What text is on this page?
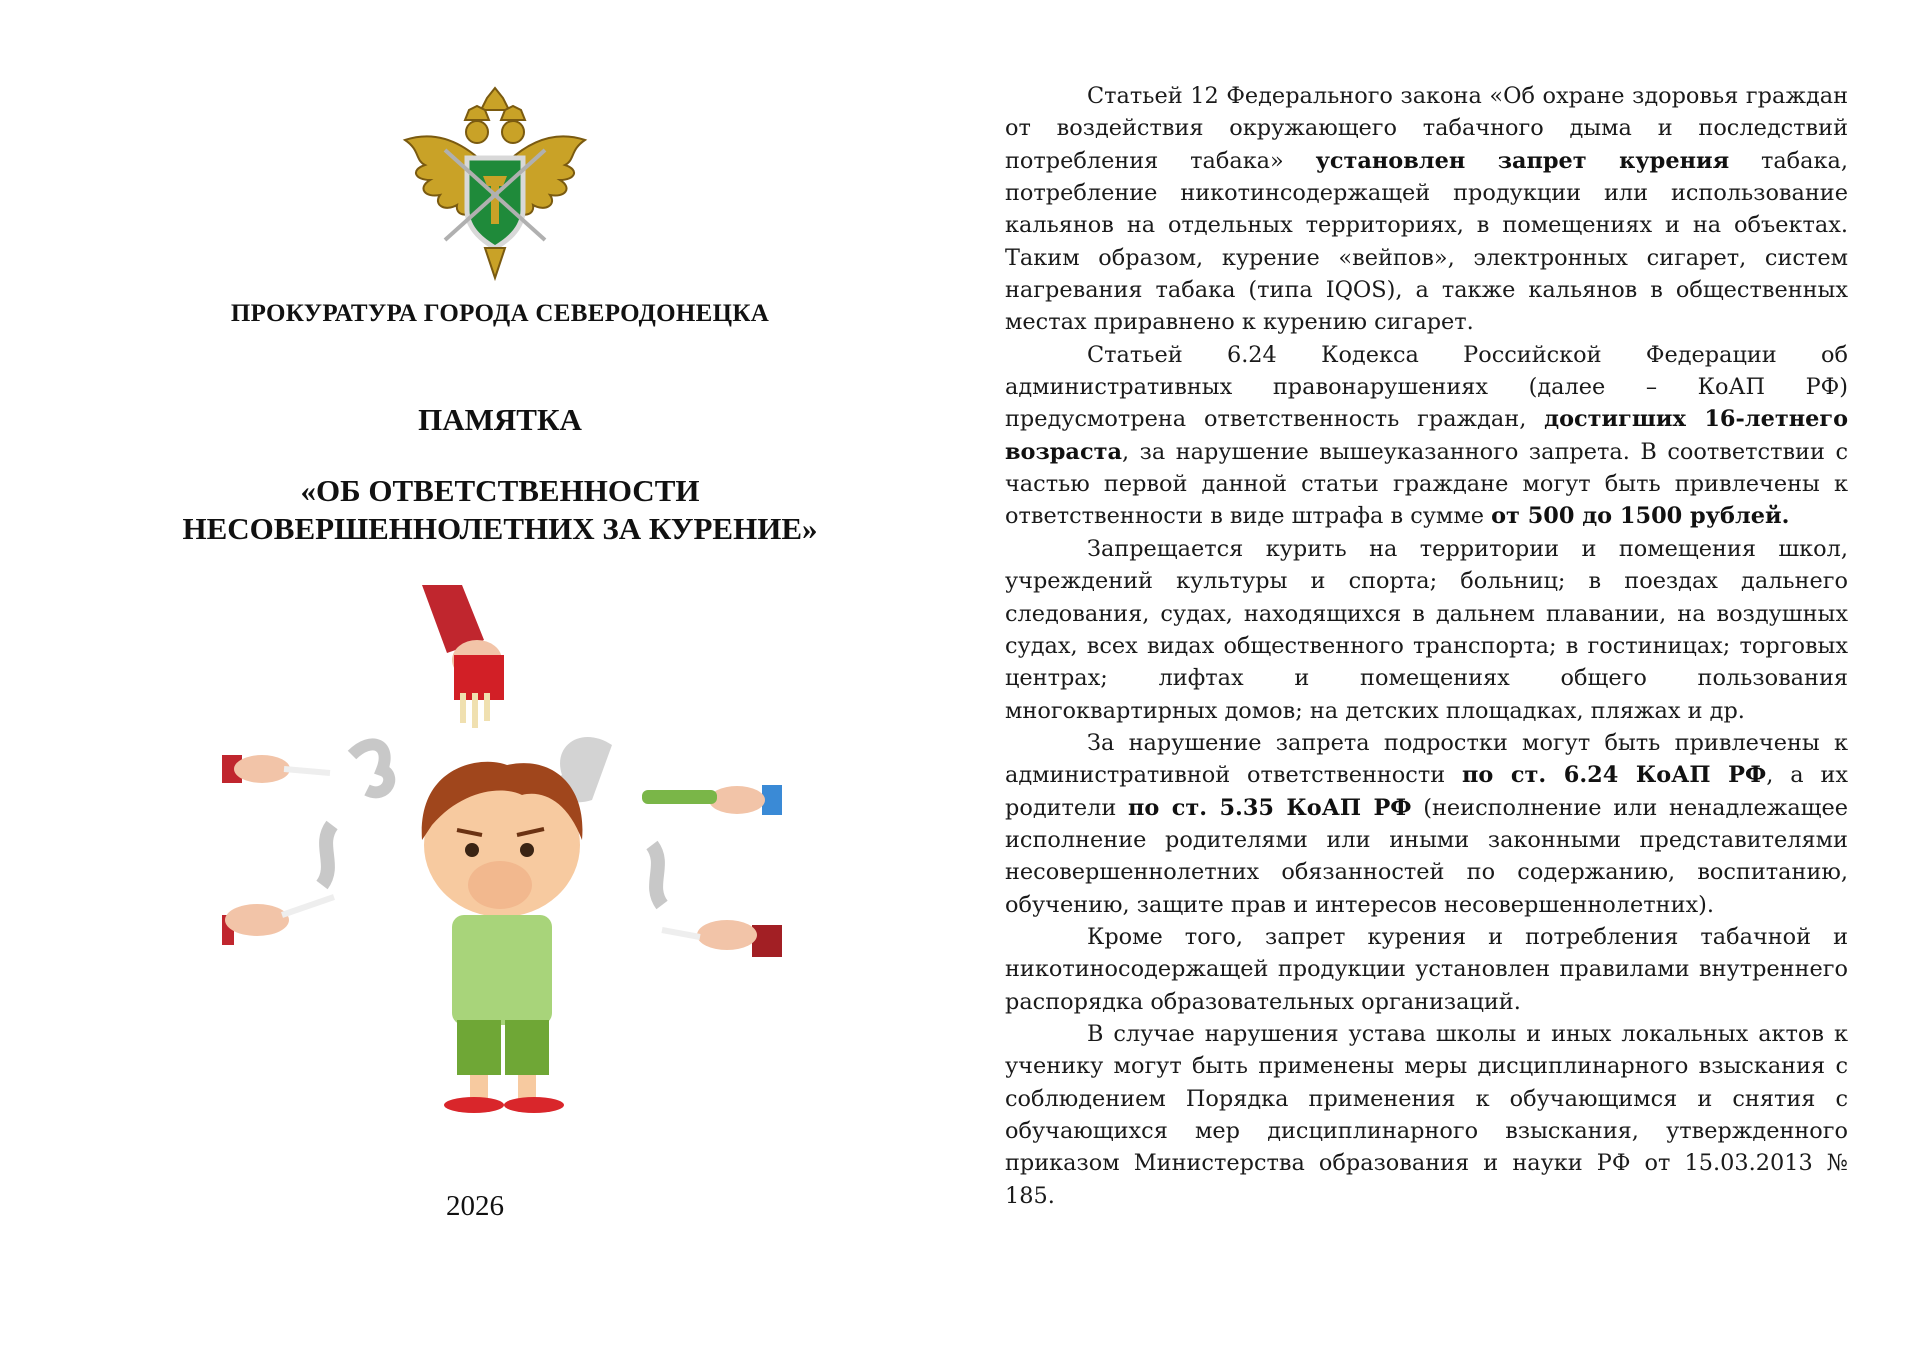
ПРОКУРАТУРА ГОРОДА СЕВЕРОДОНЕЦКА
ПАМЯТКА
«ОБ ОТВЕТСТВЕННОСТИ
НЕСОВЕРШЕННОЛЕТНИХ ЗА КУРЕНИЕ»
2026

Статьей 12 Федерального закона «Об охране здоровья граждан от воздействия окружающего табачного дыма и последствий потребления табака» установлен запрет курения табака, потребление никотинсодержащей продукции или использование кальянов на отдельных территориях, в помещениях и на объектах. Таким образом, курение «вейпов», электронных сигарет, систем нагревания табака (типа IQOS), а также кальянов в общественных местах приравнено к курению сигарет.

Статьей 6.24 Кодекса Российской Федерации об административных правонарушениях (далее – КоАП РФ) предусмотрена ответственность граждан, достигших 16-летнего возраста, за нарушение вышеуказанного запрета. В соответствии с частью первой данной статьи граждане могут быть привлечены к ответственности в виде штрафа в сумме от 500 до 1500 рублей.

Запрещается курить на территории и помещения школ, учреждений культуры и спорта; больниц; в поездах дальнего следования, судах, находящихся в дальнем плавании, на воздушных судах, всех видах общественного транспорта; в гостиницах; торговых центрах; лифтах и помещениях общего пользования многоквартирных домов; на детских площадках, пляжах и др.

За нарушение запрета подростки могут быть привлечены к административной ответственности по ст. 6.24 КоАП РФ, а их родители по ст. 5.35 КоАП РФ (неисполнение или ненадлежащее исполнение родителями или иными законными представителями несовершеннолетних обязанностей по содержанию, воспитанию, обучению, защите прав и интересов несовершеннолетних).

Кроме того, запрет курения и потребления табачной и никотиносодержащей продукции установлен правилами внутреннего распорядка образовательных организаций.

В случае нарушения устава школы и иных локальных актов к ученику могут быть применены меры дисциплинарного взыскания с соблюдением Порядка применения к обучающимся и снятия с обучающихся мер дисциплинарного взыскания, утвержденного приказом Министерства образования и науки РФ от 15.03.2013 № 185.
